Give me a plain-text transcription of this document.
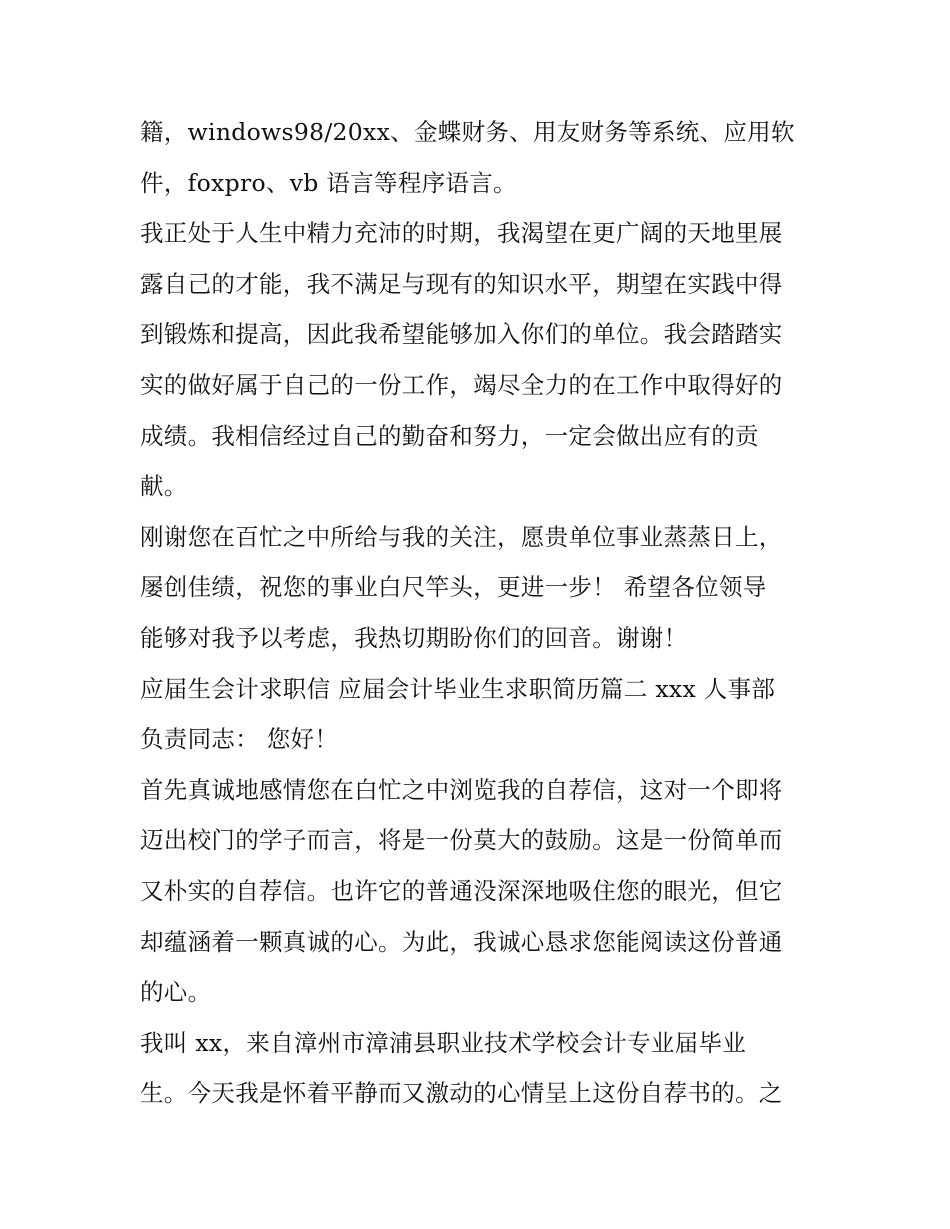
籍，windows98/20xx、金蝶财务、用友财务等系统、应用软
件，foxpro、vb 语言等程序语言。
我正处于人生中精力充沛的时期，我渴望在更广阔的天地里展
露自己的才能，我不满足与现有的知识水平，期望在实践中得
到锻炼和提高，因此我希望能够加入你们的单位。我会踏踏实
实的做好属于自己的一份工作，竭尽全力的在工作中取得好的
成绩。我相信经过自己的勤奋和努力，一定会做出应有的贡
献。
刚谢您在百忙之中所给与我的关注，愿贵单位事业蒸蒸日上，
屡创佳绩，祝您的事业白尺竿头，更进一步！ 希望各位领导
能够对我予以考虑，我热切期盼你们的回音。谢谢！
应届生会计求职信 应届会计毕业生求职简历篇二 xxx 人事部
负责同志： 您好！
首先真诚地感情您在白忙之中浏览我的自荐信，这对一个即将
迈出校门的学子而言，将是一份莫大的鼓励。这是一份简单而
又朴实的自荐信。也许它的普通没深深地吸住您的眼光，但它
却蕴涵着一颗真诚的心。为此，我诚心恳求您能阅读这份普通
的心。
我叫 xx，来自漳州市漳浦县职业技术学校会计专业届毕业
生。今天我是怀着平静而又激动的心情呈上这份自荐书的。之
